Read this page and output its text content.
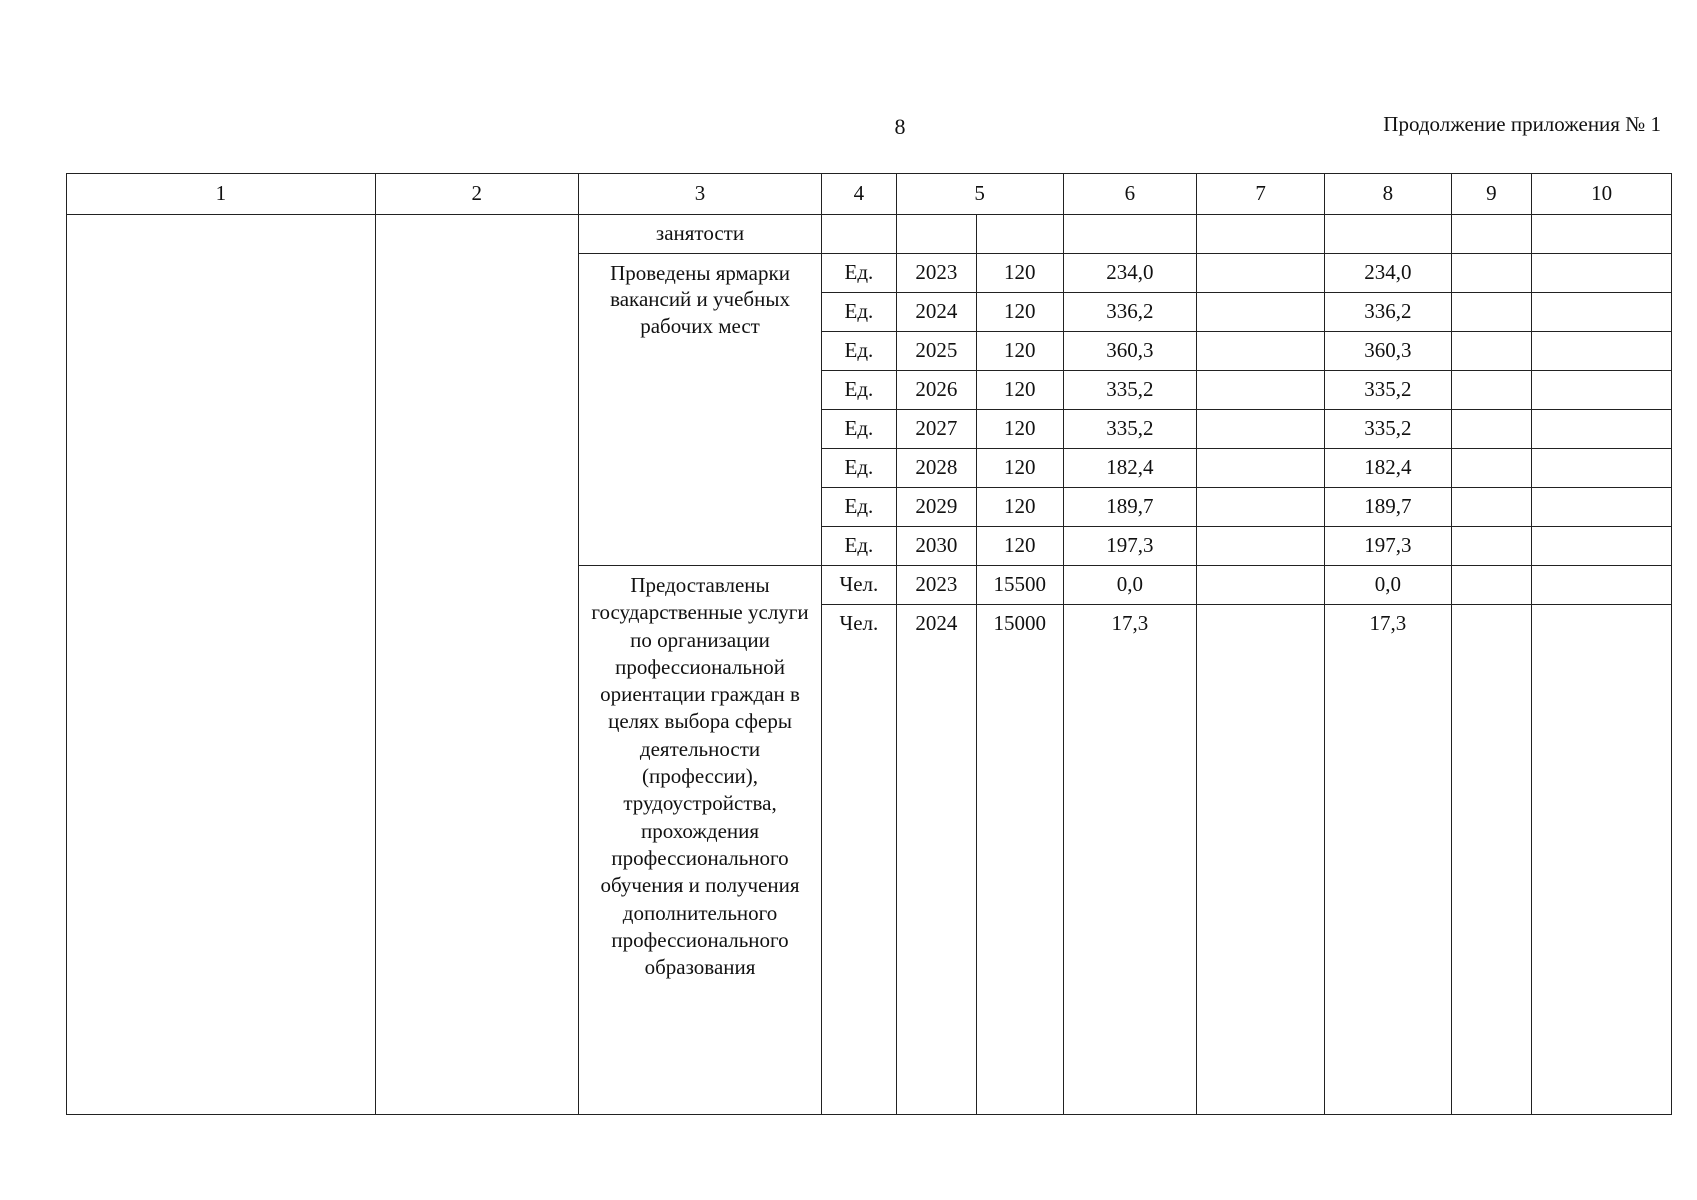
8	Продолжение приложения № 1
1	2	3	4	5		6	7	8	9	10
		занятости								
		Проведены ярмарки вакансий и учебных рабочих мест	Ед.	2023	120	234,0		234,0		
			Ед.	2024	120	336,2		336,2		
			Ед.	2025	120	360,3		360,3		
			Ед.	2026	120	335,2		335,2		
			Ед.	2027	120	335,2		335,2		
			Ед.	2028	120	182,4		182,4		
			Ед.	2029	120	189,7		189,7		
			Ед.	2030	120	197,3		197,3		
		Предоставлены государственные услуги по организации профессиональной ориентации граждан в целях выбора сферы деятельности (профессии), трудоустройства, прохождения профессионального обучения и получения дополнительного профессионального образования	Чел.	2023	15500	0,0		0,0		
			Чел.	2024	15000	17,3		17,3		
